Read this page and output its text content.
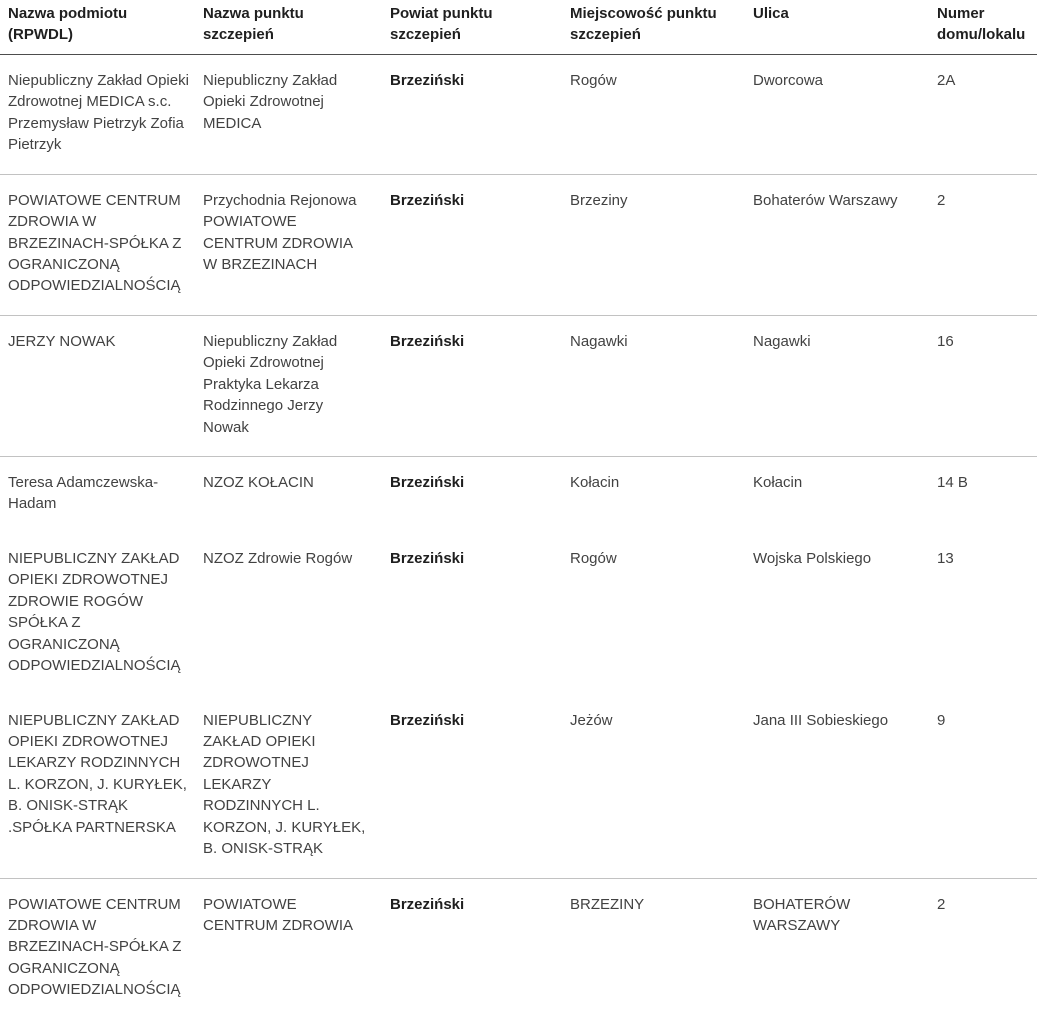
Nazwa podmiotu (RPWDL)	Nazwa punktu szczepień	Powiat punktu szczepień	Miejscowość punktu szczepień	Ulica	Numer domu/lokalu
Niepubliczny Zakład Opieki Zdrowotnej MEDICA s.c. Przemysław Pietrzyk Zofia Pietrzyk	Niepubliczny Zakład Opieki Zdrowotnej MEDICA	Brzeziński	Rogów	Dworcowa	2A
POWIATOWE CENTRUM ZDROWIA W BRZEZINACH-SPÓŁKA Z OGRANICZONĄ ODPOWIEDZIALNOŚCIĄ	Przychodnia Rejonowa POWIATOWE CENTRUM ZDROWIA W BRZEZINACH	Brzeziński	Brzeziny	Bohaterów Warszawy	2
JERZY NOWAK	Niepubliczny Zakład Opieki Zdrowotnej Praktyka Lekarza Rodzinnego Jerzy Nowak	Brzeziński	Nagawki	Nagawki	16
Teresa Adamczewska-Hadam	NZOZ KOŁACIN	Brzeziński	Kołacin	Kołacin	14 B
NIEPUBLICZNY ZAKŁAD OPIEKI ZDROWOTNEJ ZDROWIE ROGÓW SPÓŁKA Z OGRANICZONĄ ODPOWIEDZIALNOŚCIĄ	NZOZ Zdrowie Rogów	Brzeziński	Rogów	Wojska Polskiego	13
NIEPUBLICZNY ZAKŁAD OPIEKI ZDROWOTNEJ LEKARZY RODZINNYCH L. KORZON, J. KURYŁEK, B. ONISK-STRĄK .SPÓŁKA PARTNERSKA	NIEPUBLICZNY ZAKŁAD OPIEKI ZDROWOTNEJ LEKARZY RODZINNYCH L. KORZON, J. KURYŁEK, B. ONISK-STRĄK	Brzeziński	Jeżów	Jana III Sobieskiego	9
POWIATOWE CENTRUM ZDROWIA W BRZEZINACH-SPÓŁKA Z OGRANICZONĄ ODPOWIEDZIALNOŚCIĄ	POWIATOWE CENTRUM ZDROWIA	Brzeziński	BRZEZINY	BOHATERÓW WARSZAWY	2
